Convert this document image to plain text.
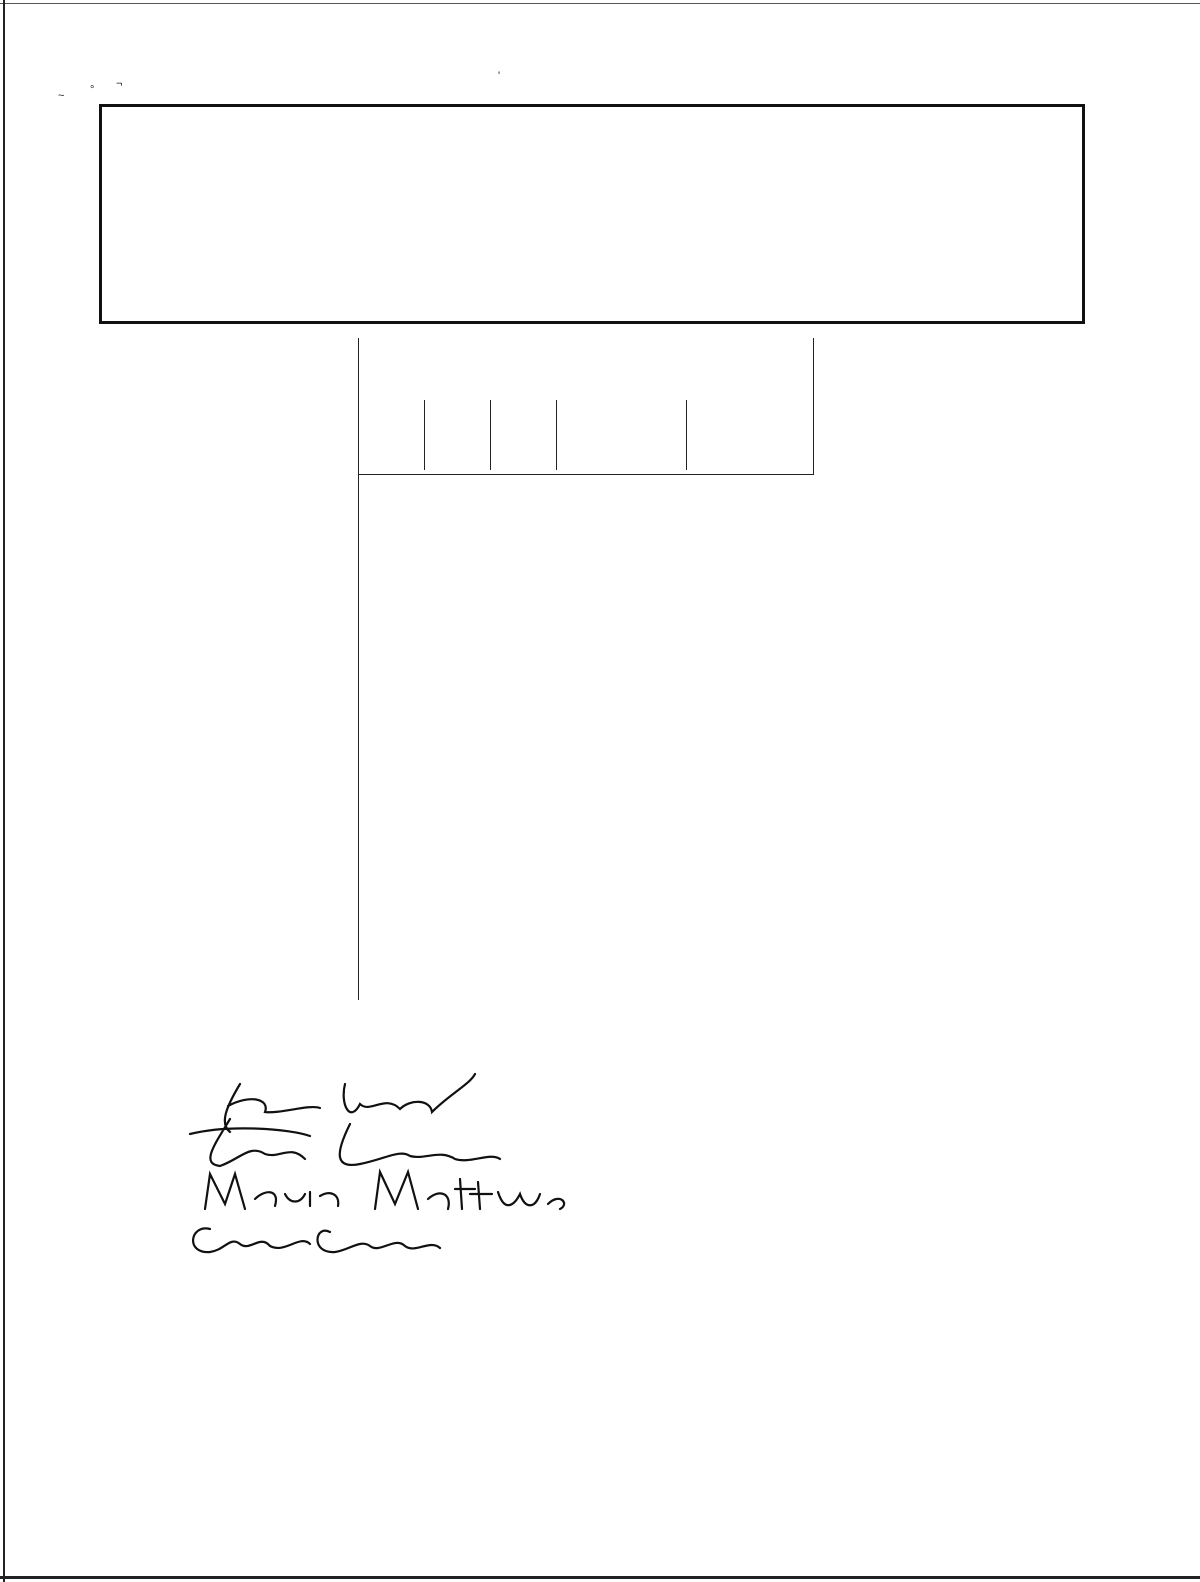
~ ° ¬
'
